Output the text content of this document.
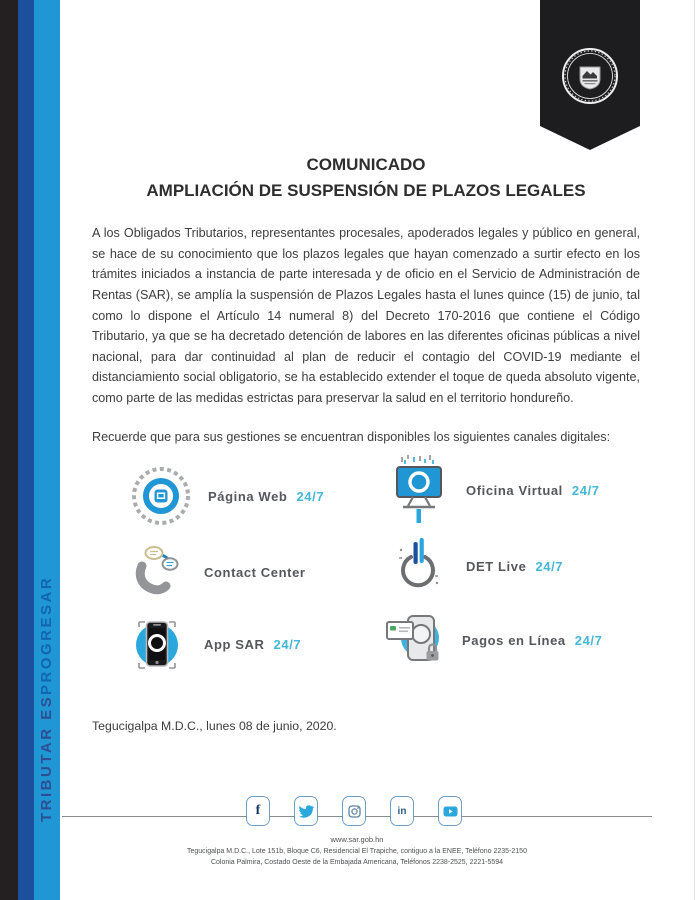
TRIBUTAR ES
PROGRESAR
COMUNICADO
AMPLIACIÓN DE SUSPENSIÓN DE PLAZOS LEGALES

A los Obligados Tributarios, representantes procesales, apoderados legales y público en general, se hace de su conocimiento que los plazos legales que hayan comenzado a surtir efecto en los trámites iniciados a instancia de parte interesada y de oficio en el Servicio de Administración de Rentas (SAR), se amplía la suspensión de Plazos Legales hasta el lunes quince (15) de junio, tal como lo dispone el Artículo 14 numeral 8) del Decreto 170-2016 que contiene el Código Tributario, ya que se ha decretado detención de labores en las diferentes oficinas públicas a nivel nacional, para dar continuidad al plan de reducir el contagio del COVID-19 mediante el distanciamiento social obligatorio, se ha establecido extender el toque de queda absoluto vigente, como parte de las medidas estrictas para preservar la salud en el territorio hondureño.

Recuerde que para sus gestiones se encuentran disponibles los siguientes canales digitales:

Página Web 24/7	Oficina Virtual 24/7
Contact Center	DET Live 24/7
App SAR 24/7	Pagos en Línea 24/7
Tegucigalpa M.D.C., lunes 08 de junio, 2020.
f	in
www.sar.gob.hn
Tegucigalpa M.D.C., Lote 151b, Bloque C6, Residencial El Trapiche, contiguo a la ENEE, Teléfono 2235-2150
Colonia Palmira, Costado Oeste de la Embajada Americana, Teléfonos 2238-2525, 2221-5594
